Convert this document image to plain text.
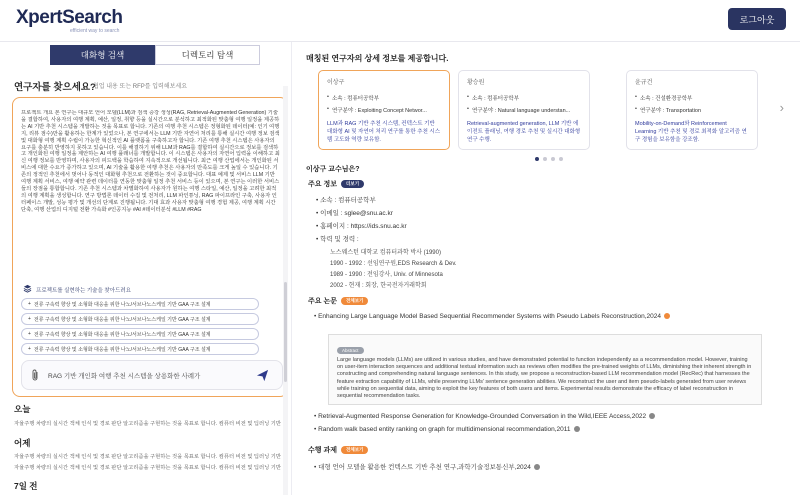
XpertSearch
efficient way to search
로그아웃
대화형 검색	디렉토리 탐색
연구자를 찾으세요?
협업 내용 또는 RFP를 입력해보세요
프로젝트 개요 본 연구는 대규모 언어 모델(LLM)과 검색 증강 생성(RAG, Retrieval-Augmented Generation) 기술을 결합하여, 사용자의 여행 계획, 예산, 일정, 취향 등을 실시간으로 분석하고 최적화된 맞춤형 여행 일정을 제공하는 AI 기반 추천 시스템을 개발하는 것을 목표로 합니다. 기존의 여행 추천 시스템은 정형화된 데이터(예: 인기 여행지, 리뷰 점수)만을 활용하는 한계가 있었으나, 본 연구에서는 LLM 기반 자연어 처리를 통해 실시간 여행 정보 검색 및 대화형 여행 계획 수립이 가능한 혁신적인 AI 플랫폼을 구축하고자 합니다. 기존 여행 추천 시스템은 사용자의 요구를 충분히 반영하지 못하고 있습니다. 이를 해결하기 위해 LLM과 RAG를 결합하여 실시간으로 정보를 검색하고 개인화된 여행 일정을 제안하는 AI 여행 플래너를 개발합니다. 이 시스템은 사용자의 자연어 입력을 이해하고 최신 여행 정보를 반영하며, 사용자의 피드백을 학습하여 지속적으로 개선됩니다. 최근 여행 산업에서는 개인화된 서비스에 대한 수요가 증가하고 있으며, AI 기술을 활용한 여행 추천은 사용자의 만족도를 크게 높일 수 있습니다. 기존의 정적인 추천에서 벗어나 동적인 대화형 추천으로 전환하는 것이 중요합니다. 대표 예제 및 서비스 LLM 기반 여행 계획 서비스, 여행 예약 관련 데이터를 연동한 맞춤형 일정 추천 서비스 등이 있으며, 본 연구는 이러한 서비스들의 장점을 통합합니다. 기존 추천 시스템과 차별화하여 사용자가 원하는 여행 스타일, 예산, 일정을 고려한 최적의 여행 계획을 생성합니다. 연구 방법론 데이터 수집 및 전처리, LLM 파인튜닝, RAG 파이프라인 구축, 사용자 인터페이스 개발, 성능 평가 및 개선의 단계로 진행됩니다. 기대 효과 사용자 맞춤형 여행 경험 제공, 여행 계획 시간 단축, 여행 산업의 디지털 전환 가속화 #인공지능 #AI #데이터분석 #LLM #RAG
프로젝트를 실현하는 기술을 찾아드려요
+ 전류 구속력 향상 및 소형화 대응을 위한 나노/서브나노스케일 기반 GAA 구조 설계
+ 전류 구속력 향상 및 소형화 대응을 위한 나노/서브나노스케일 기반 GAA 구조 설계
+ 전류 구속력 향상 및 소형화 대응을 위한 나노/서브나노스케일 기반 GAA 구조 설계
+ 전류 구속력 향상 및 소형화 대응을 위한 나노/서브나노스케일 기반 GAA 구조 설계
RAG 기반 개인화 여행 추천 시스템을 상용화한 사례가
오늘
자율주행 차량의 실시간 객체 인식 및 경로 판단 알고리즘을 구현하는 것을 목표로 합니다. 컴퓨터 비전 및 딥러닝 기반
어제
자율주행 차량의 실시간 객체 인식 및 경로 판단 알고리즘을 구현하는 것을 목표로 합니다. 컴퓨터 비전 및 딥러닝 기반
자율주행 차량의 실시간 객체 인식 및 경로 판단 알고리즘을 구현하는 것을 목표로 합니다. 컴퓨터 비전 및 딥러닝 기반
7일 전
매칭된 연구자의 상세 정보를 제공합니다.
이상구
• 소속 : 컴퓨터공학부
• 연구분야 : Exploiting Concept Networ...
LLM과 RAG 기반 추천 시스템, 컨텍스트 기반 대화형 AI 및 자연어 처리 연구를 통한 추천 시스템 고도화 역량 보유함.
황승원
• 소속 : 컴퓨터공학부
• 연구분야 : Natural language understan...
Retrieval-augmented generation, LLM 기반 에이전트 플래닝, 여행 경로 추천 및 실시간 대화형 연구 수행.
윤규건
• 소속 : 건설환경공학부
• 연구분야 : Transportation
Mobility-on-Demand와 Reinforcement Learning 기반 추천 및 경로 최적화 알고리즘 연구 경험을 보유함을 강조함.
›
이상구 교수님은?
주요 정보 더보기
• 소속 : 컴퓨터공학부
• 이메일 : sglee@snu.ac.kr
• 홈페이지 : https://ids.snu.ac.kr
• 학력 및 경력 :
노스웨스턴 대학교 컴퓨터과학 박사 (1990)
1990 - 1992 : 선임연구원,EDS Research & Dev.
1989 - 1990 : 전임강사, Univ. of Minnesota
2002 - 현재 : 회장, 한국전자거래학회
주요 논문 전체보기
• Enhancing Large Language Model Based Sequential Recommender Systems with Pseudo Labels Reconstruction,2024
Abstract
Large language models (LLMs) are utilized in various studies, and have demonstrated potential to function independently as a recommendation model. However, training on user-item interaction sequences and additional textual information such as reviews often modifies the pre-trained weights of LLMs, diminishing their inherent strength in constructing and comprehending natural language sentences. In this study, we propose a reconstruction-based LLM recommendation model (RecRec) that harnesses the feature extraction capability of LLMs, while preserving LLMs' sentence generation abilities. We reconstruct the user and item pseudo-labels generated from user reviews while training on sequential data, aiming to exploit the key features of both users and items. Experimental results demonstrate the efficacy of label reconstruction in sequential recommendation tasks.
• Retrieval-Augmented Response Generation for Knowledge-Grounded Conversation in the Wild,IEEE Access,2022
• Random walk based entity ranking on graph for multidimensional recommendation,2011
수행 과제 전체보기
• 대형 언어 모델을 활용한 컨텍스트 기반 추천 연구,과학기술정보통신부,2024
